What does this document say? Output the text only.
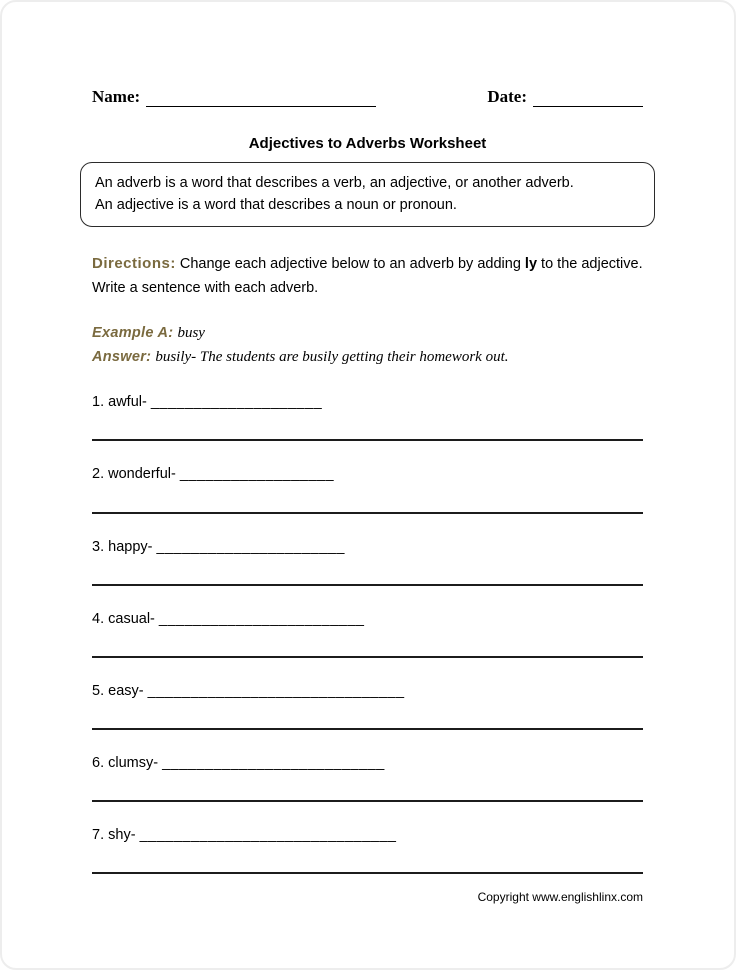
Name:	Date:
Adjectives to Adverbs Worksheet

An adverb is a word that describes a verb, an adjective, or another adverb.

An adjective is a word that describes a noun or pronoun.

Directions: Change each adjective below to an adverb by adding ly to the adjective. Write a sentence with each adverb.

Example A: busy

Answer: busily- The students are busily getting their homework out.

1. awful- ____________________

2. wonderful- __________________

3. happy- ______________________

4. casual- ________________________

5. easy- ______________________________

6. clumsy- __________________________

7. shy- ______________________________

Copyright www.englishlinx.com
